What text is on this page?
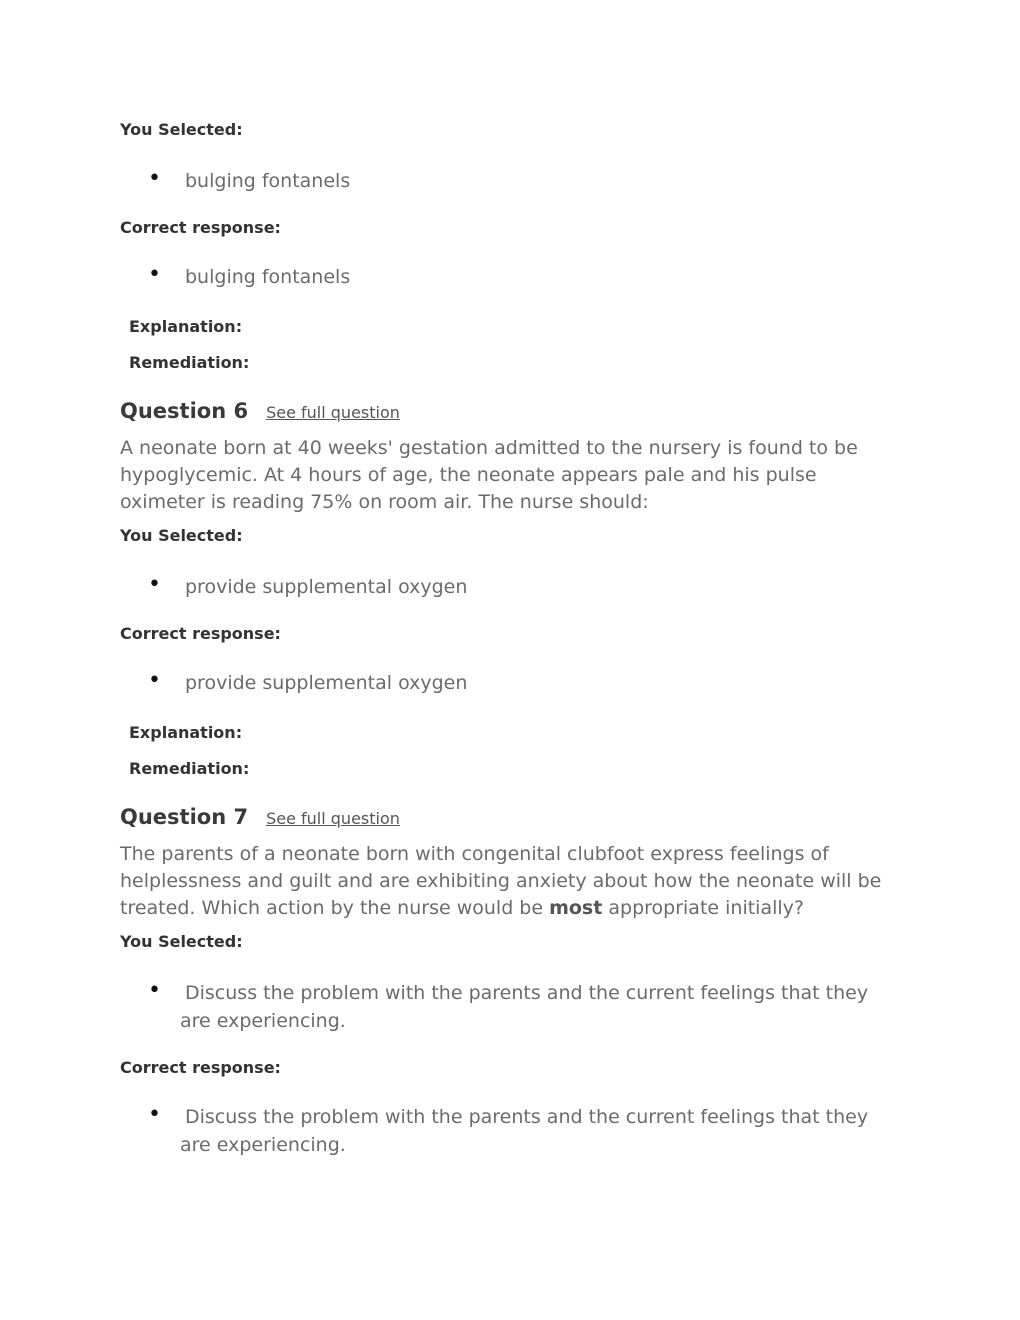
You Selected:

• bulging fontanels

Correct response:

• bulging fontanels

Explanation:

Remediation:

Question 6 See full question

A neonate born at 40 weeks' gestation admitted to the nursery is found to be hypoglycemic. At 4 hours of age, the neonate appears pale and his pulse oximeter is reading 75% on room air. The nurse should:

You Selected:

• provide supplemental oxygen

Correct response:

• provide supplemental oxygen

Explanation:

Remediation:

Question 7 See full question

The parents of a neonate born with congenital clubfoot express feelings of helplessness and guilt and are exhibiting anxiety about how the neonate will be treated. Which action by the nurse would be most appropriate initially?

You Selected:

• Discuss the problem with the parents and the current feelings that they are experiencing.

Correct response:

• Discuss the problem with the parents and the current feelings that they are experiencing.
